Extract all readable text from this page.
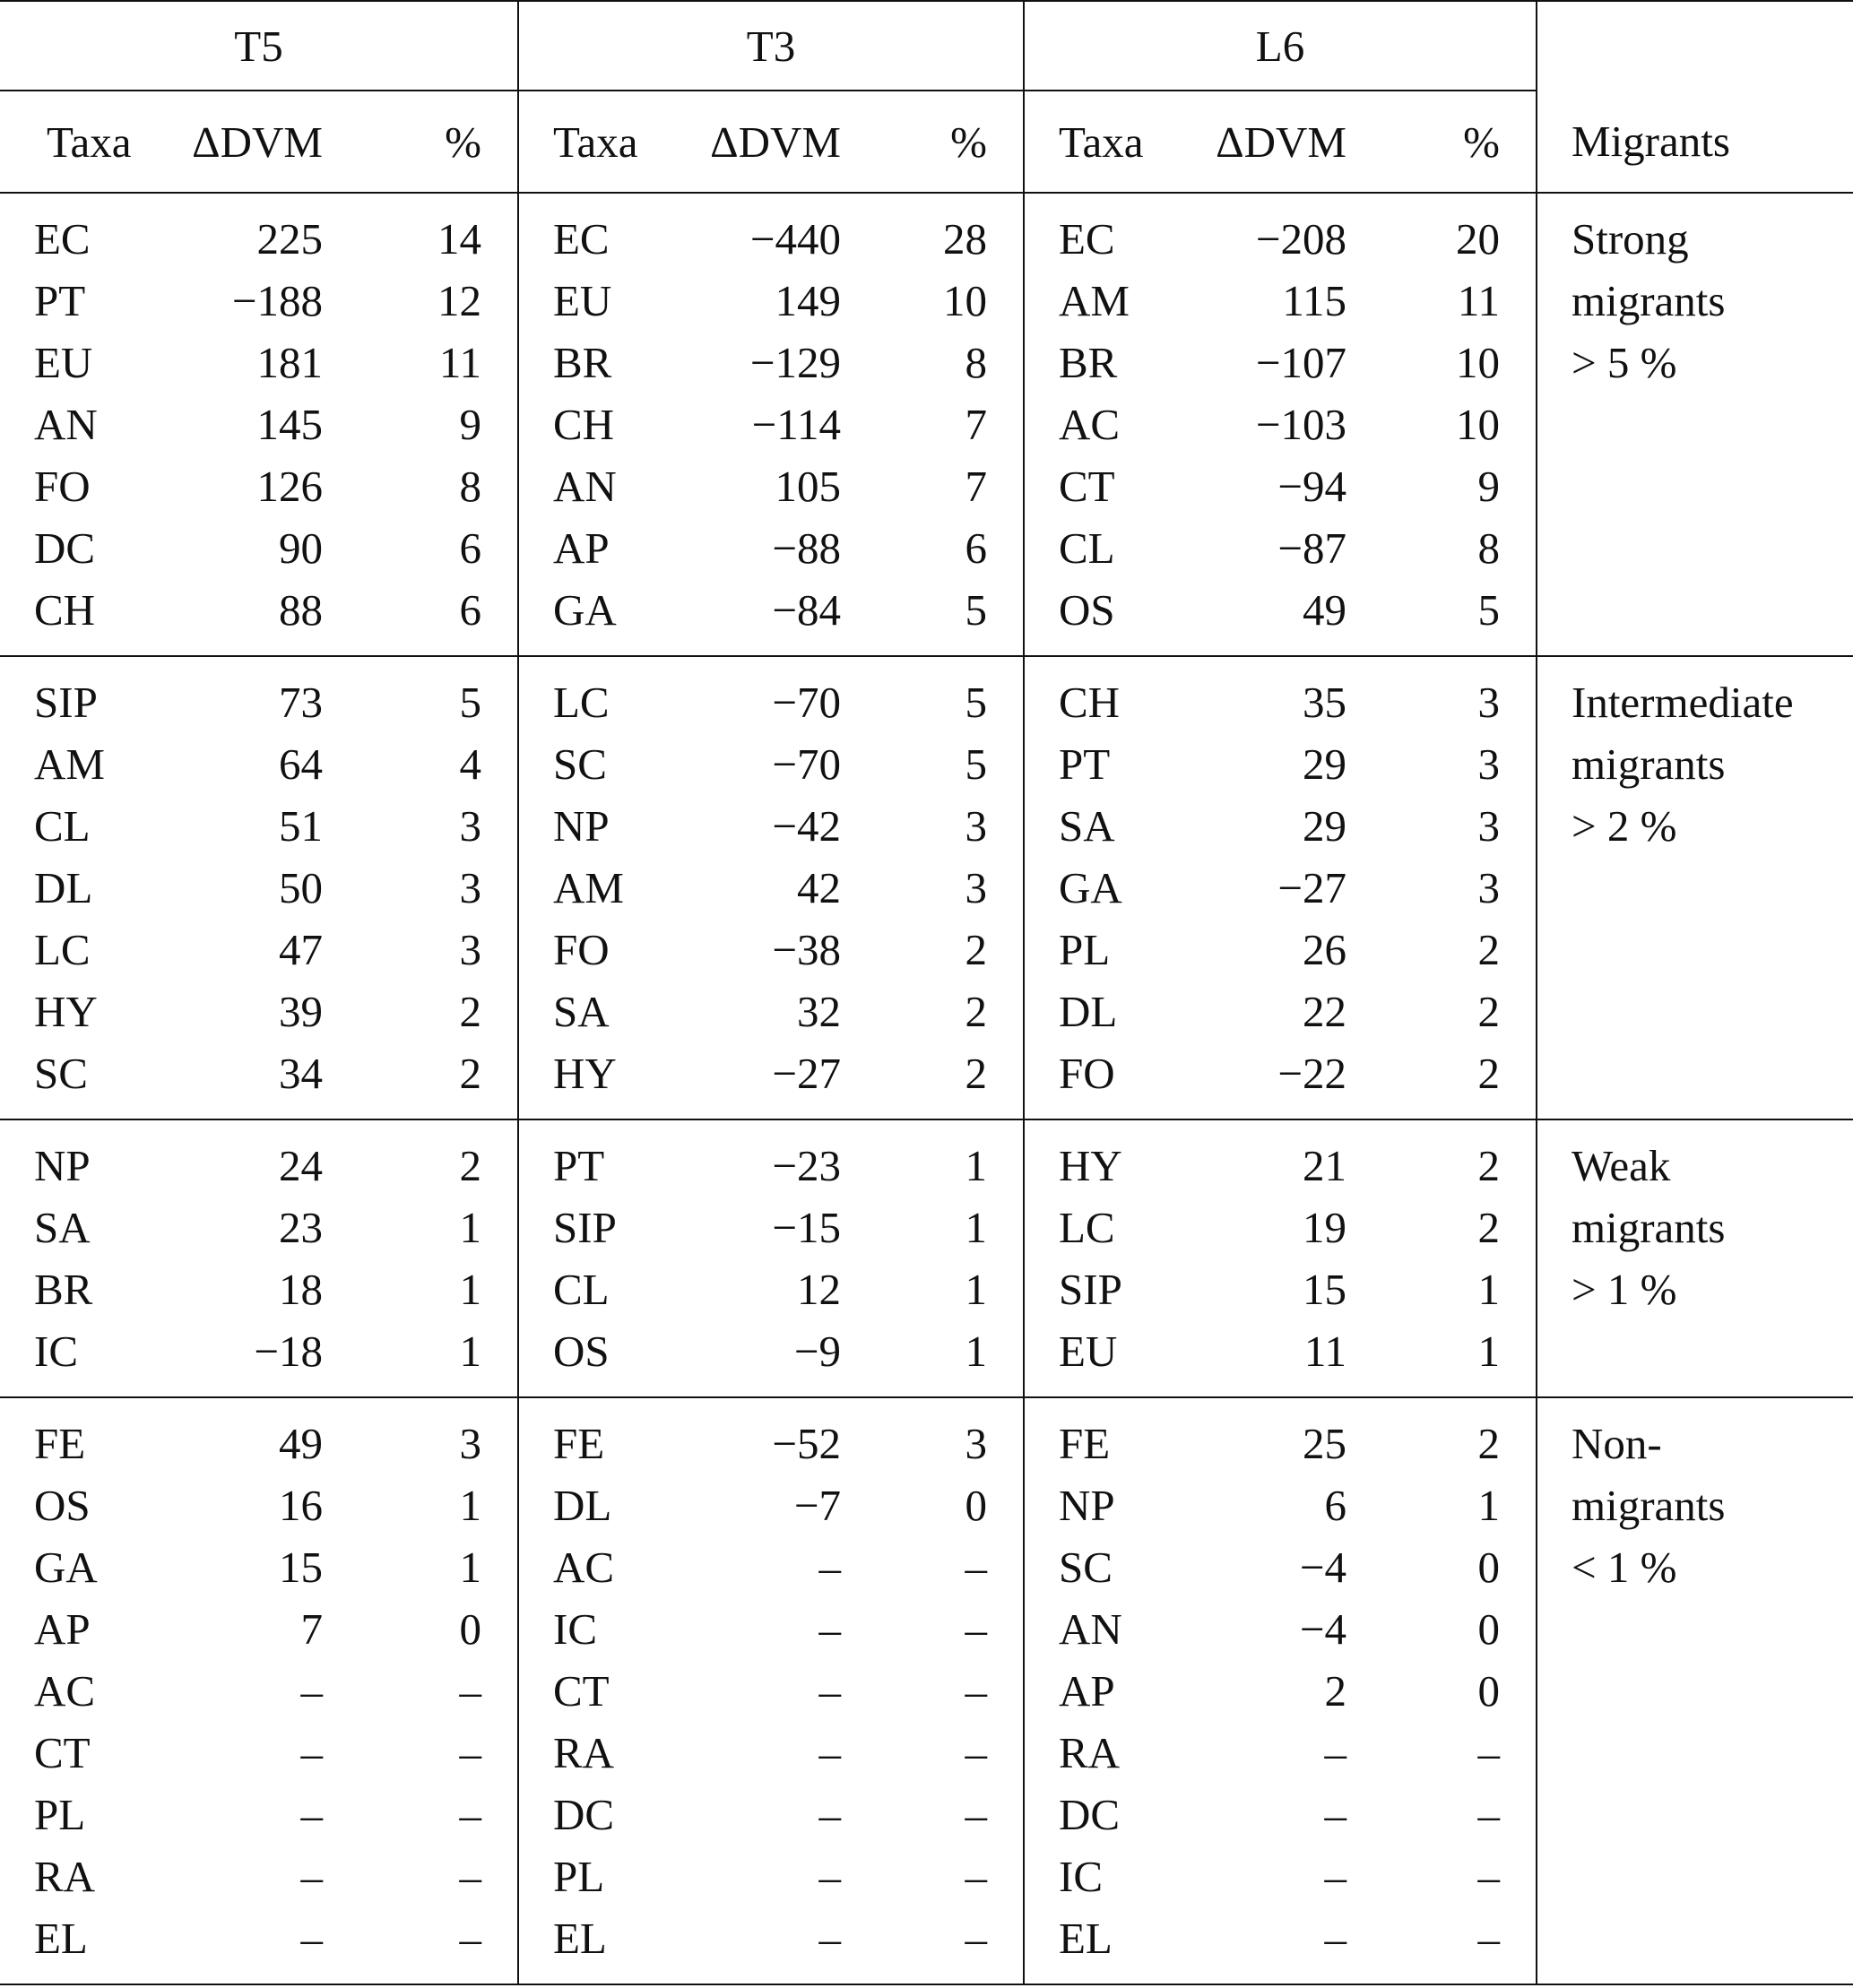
T5			T3			L6			
Taxa	ΔDVM	%	Taxa	ΔDVM	%	Taxa	ΔDVM	%	Migrants

EC	225	14	EC	−440	28	EC	−208	20	Strong
migrants
> 5 %

PT	−188	12	EU	149	10	AM	115	11	
EU	181	11	BR	−129	8	BR	−107	10	
AN	145	9	CH	−114	7	AC	−103	10	
FO	126	8	AN	105	7	CT	−94	9	
DC	90	6	AP	−88	6	CL	−87	8	
CH	88	6	GA	−84	5	OS	49	5	

SIP	73	5	LC	−70	5	CH	35	3	Intermediate
migrants
> 2 %

AM	64	4	SC	−70	5	PT	29	3	
CL	51	3	NP	−42	3	SA	29	3	
DL	50	3	AM	42	3	GA	−27	3	
LC	47	3	FO	−38	2	PL	26	2	
HY	39	2	SA	32	2	DL	22	2	
SC	34	2	HY	−27	2	FO	−22	2	

NP	24	2	PT	−23	1	HY	21	2	Weak
migrants
> 1 %

SA	23	1	SIP	−15	1	LC	19	2	
BR	18	1	CL	12	1	SIP	15	1	
IC	−18	1	OS	−9	1	EU	11	1	

FE	49	3	FE	−52	3	FE	25	2	Non-
migrants
< 1 %

OS	16	1	DL	−7	0	NP	6	1	
GA	15	1	AC	–	–	SC	−4	0	
AP	7	0	IC	–	–	AN	−4	0	
AC	–	–	CT	–	–	AP	2	0	
CT	–	–	RA	–	–	RA	–	–	
PL	–	–	DC	–	–	DC	–	–	
RA	–	–	PL	–	–	IC	–	–	
EL	–	–	EL	–	–	EL	–	–	
